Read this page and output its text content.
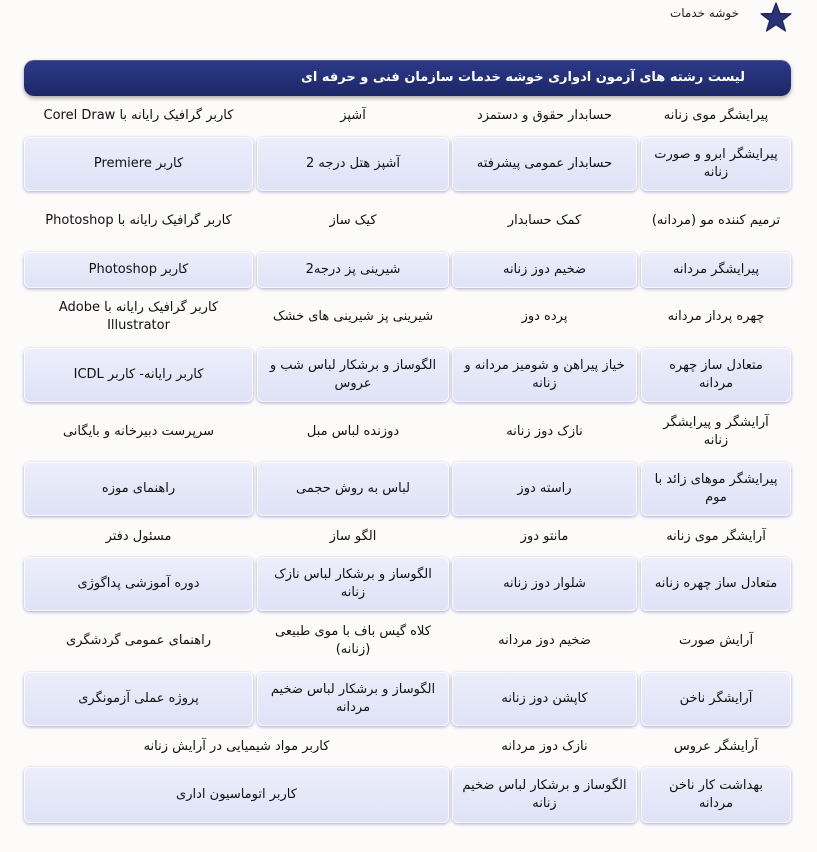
خوشه خدمات
لیست رشته های آزمون ادواری خوشه خدمات سازمان فنی و حرفه ای
پیرایشگر موی زنانه
حسابدار حقوق و دستمزد
آشپز
کاربر گرافیک رایانه با Corel Draw
پیرایشگر ابرو و صورت زنانه
حسابدار عمومی پیشرفته
آشپز هتل درجه 2
کاربر Premiere
ترمیم کننده مو (مردانه)
کمک حسابدار
کیک ساز
کاربر گرافیک رایانه با Photoshop
پیرایشگر مردانه
ضخیم دوز زنانه
شیرینی پز درجه2
کاربر Photoshop
چهره پرداز مردانه
پرده دوز
شیرینی پز شیرینی های خشک
کاربر گرافیک رایانه با Adobe Illustrator
متعادل ساز چهره مردانه
خیاز پیراهن و شومیز مردانه و زنانه
الگوساز و برشکار لباس شب و عروس
کاربر رایانه- کاربر ICDL
آرایشگر و پیرایشگر زنانه
نازک دوز زنانه
دوزنده لباس مبل
سرپرست دبیرخانه و بایگانی
پیرایشگر موهای زائد با موم
راسته دوز
لباس به روش حجمی
راهنمای موزه
آرایشگر موی زنانه
مانتو دوز
الگو ساز
مسئول دفتر
متعادل ساز چهره زنانه
شلوار دوز زنانه
الگوساز و برشکار لباس نازک زنانه
دوره آموزشی پداگوژی
آرایش صورت
ضخیم دوز مردانه
کلاه گیس باف با موی طبیعی (زنانه)
راهنمای عمومی گردشگری
آرایشگر ناخن
کاپشن دوز زنانه
الگوساز و برشکار لباس ضخیم مردانه
پروژه عملی آزمونگری
آرایشگر عروس
نازک دوز مردانه
کاربر مواد شیمیایی در آرایش زنانه
بهداشت کار ناخن مردانه
الگوساز و برشکار لباس ضخیم زنانه
کاربر اتوماسیون اداری
